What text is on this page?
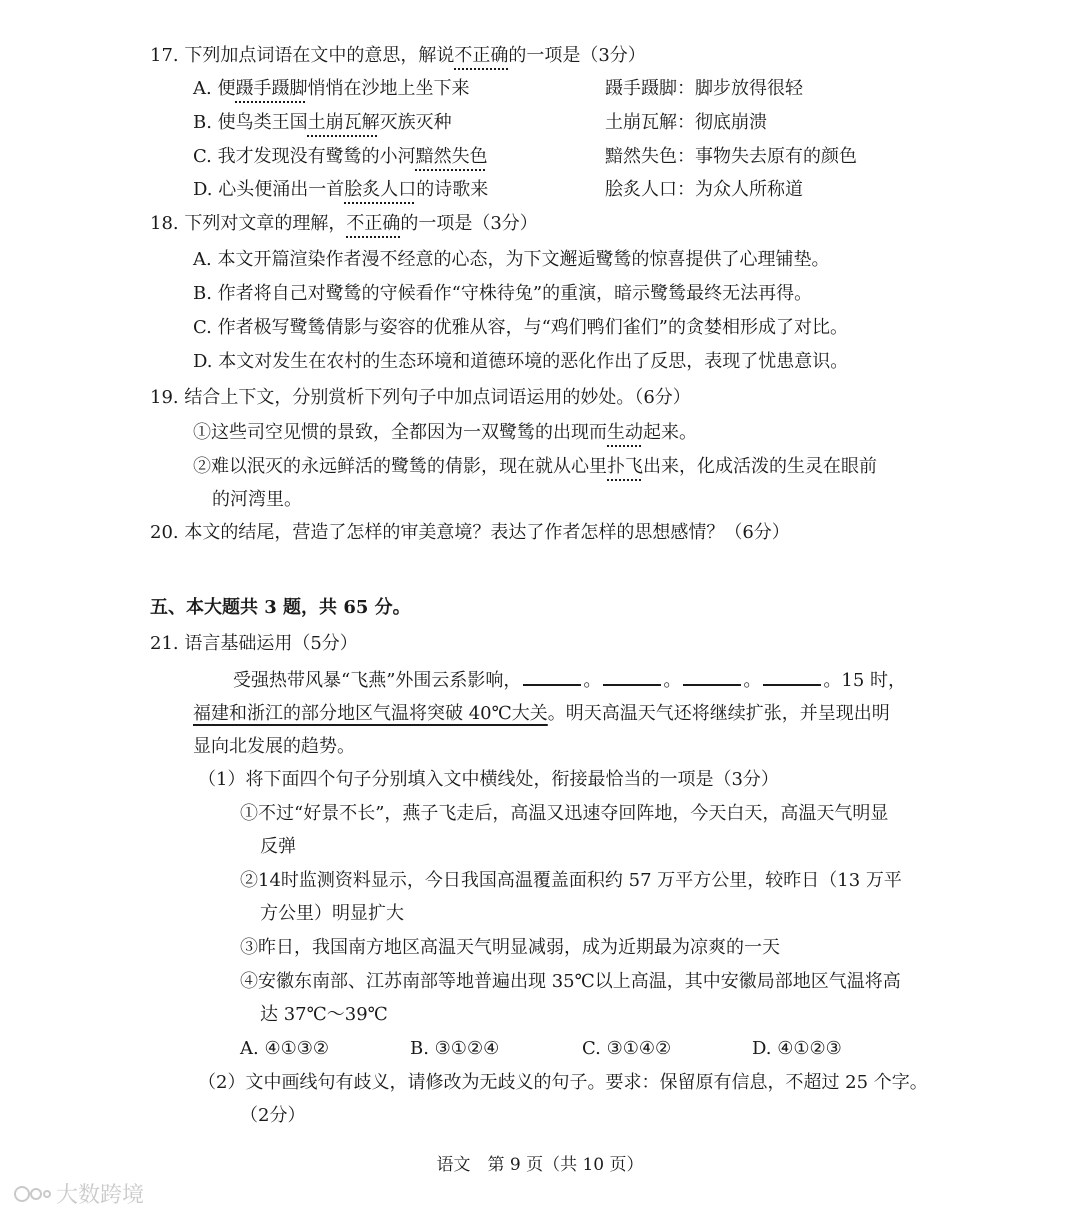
17. 下列加点词语在文中的意思，解说不正确的一项是（3分）
A. 便蹑手蹑脚悄悄在沙地上坐下来	蹑手蹑脚：脚步放得很轻
B. 使鸟类王国土崩瓦解灭族灭种	土崩瓦解：彻底崩溃
C. 我才发现没有鹭鸶的小河黯然失色	黯然失色：事物失去原有的颜色
D. 心头便涌出一首脍炙人口的诗歌来	脍炙人口：为众人所称道
18. 下列对文章的理解，不正确的一项是（3分）
A. 本文开篇渲染作者漫不经意的心态，为下文邂逅鹭鸶的惊喜提供了心理铺垫。
B. 作者将自己对鹭鸶的守候看作“守株待兔”的重演，暗示鹭鸶最终无法再得。
C. 作者极写鹭鸶倩影与姿容的优雅从容，与“鸡们鸭们雀们”的贪婪相形成了对比。
D. 本文对发生在农村的生态环境和道德环境的恶化作出了反思，表现了忧患意识。
19. 结合上下文，分别赏析下列句子中加点词语运用的妙处。（6分）
①这些司空见惯的景致，全都因为一双鹭鸶的出现而生动起来。
②难以泯灭的永远鲜活的鹭鸶的倩影，现在就从心里扑飞出来，化成活泼的生灵在眼前
的河湾里。
20. 本文的结尾，营造了怎样的审美意境？表达了作者怎样的思想感情？（6分）
五、本大题共 3 题，共 65 分。
21. 语言基础运用（5分）
受强热带风暴“飞燕”外围云系影响，	。	。	。	。15 时，
福建和浙江的部分地区气温将突破 40℃大关。明天高温天气还将继续扩张，并呈现出明
显向北发展的趋势。
（1）将下面四个句子分别填入文中横线处，衔接最恰当的一项是（3分）
①不过“好景不长”，燕子飞走后，高温又迅速夺回阵地，今天白天，高温天气明显
反弹
②14时监测资料显示，今日我国高温覆盖面积约 57 万平方公里，较昨日（13 万平
方公里）明显扩大
③昨日，我国南方地区高温天气明显减弱，成为近期最为凉爽的一天
④安徽东南部、江苏南部等地普遍出现 35℃以上高温，其中安徽局部地区气温将高
达 37℃～39℃
A. ④①③②	B. ③①②④	C. ③①④②	D. ④①②③
（2）文中画线句有歧义，请修改为无歧义的句子。要求：保留原有信息，不超过 25 个字。
（2分）
语文　第 9 页（共 10 页）
大数跨境
